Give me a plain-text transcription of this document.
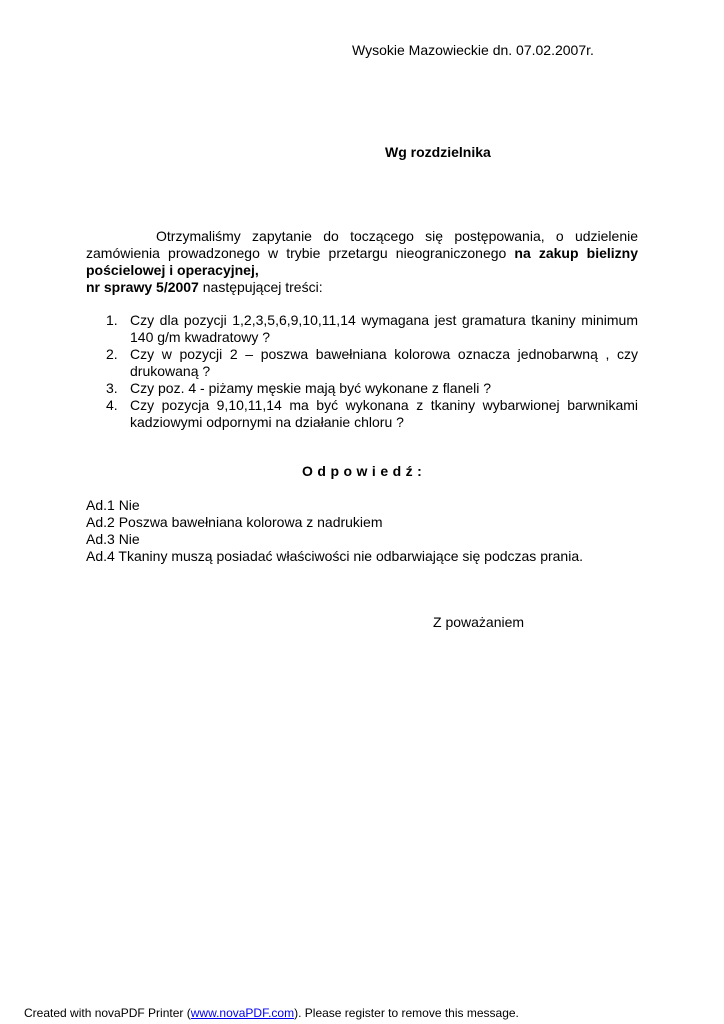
Wysokie Mazowieckie dn. 07.02.2007r.
Wg rozdzielnika

Otrzymaliśmy zapytanie do toczącego się postępowania, o udzielenie zamówienia prowadzonego w trybie przetargu nieograniczonego na zakup bielizny pościelowej i operacyjnej,

nr sprawy 5/2007 następującej treści:

1. Czy dla pozycji 1,2,3,5,6,9,10,11,14 wymagana jest gramatura tkaniny minimum 140 g/m kwadratowy ?
2. Czy w pozycji 2 – poszwa bawełniana kolorowa oznacza jednobarwną , czy drukowaną ?
3. Czy poz. 4 - piżamy męskie mają być wykonane z flaneli ?
4. Czy pozycja 9,10,11,14 ma być wykonana z tkaniny wybarwionej barwnikami kadziowymi odpornymi na działanie chloru ?
Odpowiedź:
Ad.1 Nie
Ad.2 Poszwa bawełniana kolorowa z nadrukiem
Ad.3 Nie
Ad.4 Tkaniny muszą posiadać właściwości nie odbarwiające się podczas prania.
Z poważaniem
Created with novaPDF Printer (www.novaPDF.com). Please register to remove this message.
